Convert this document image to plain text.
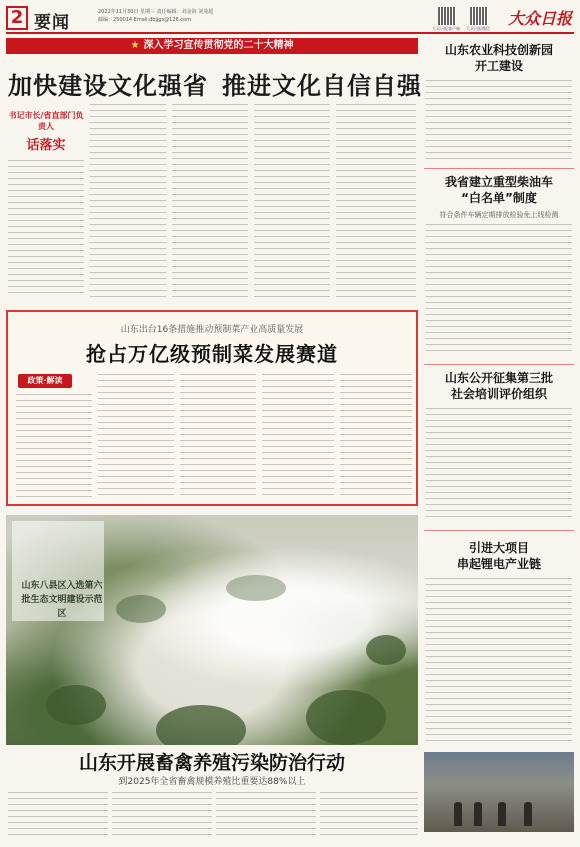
2 要闻
2022年11月30日 星期三 责任编辑：刘金海 刘曼超
邮编：250014 Email:dbjjgs@126.com
大众日报客户端 大众日报微信
大众日报
★ 深入学习宣传贯彻党的二十大精神
加快建设文化强省 推进文化自信自强
书记市长/省直部门负责人
话落实
山东出台16条措施推动预制菜产业高质量发展
抢占万亿级预制菜发展赛道
政策·解读
山东八县区入选第六批生态文明建设示范区
山东开展畜禽养殖污染防治行动
到2025年全省畜禽规模养殖比重要达88%以上
山东农业科技创新园
开工建设
我省建立重型柴油车
“白名单”制度
符合条件车辆定期排放检验免上线检测
山东公开征集第三批
社会培训评价组织
引进大项目
串起锂电产业链
